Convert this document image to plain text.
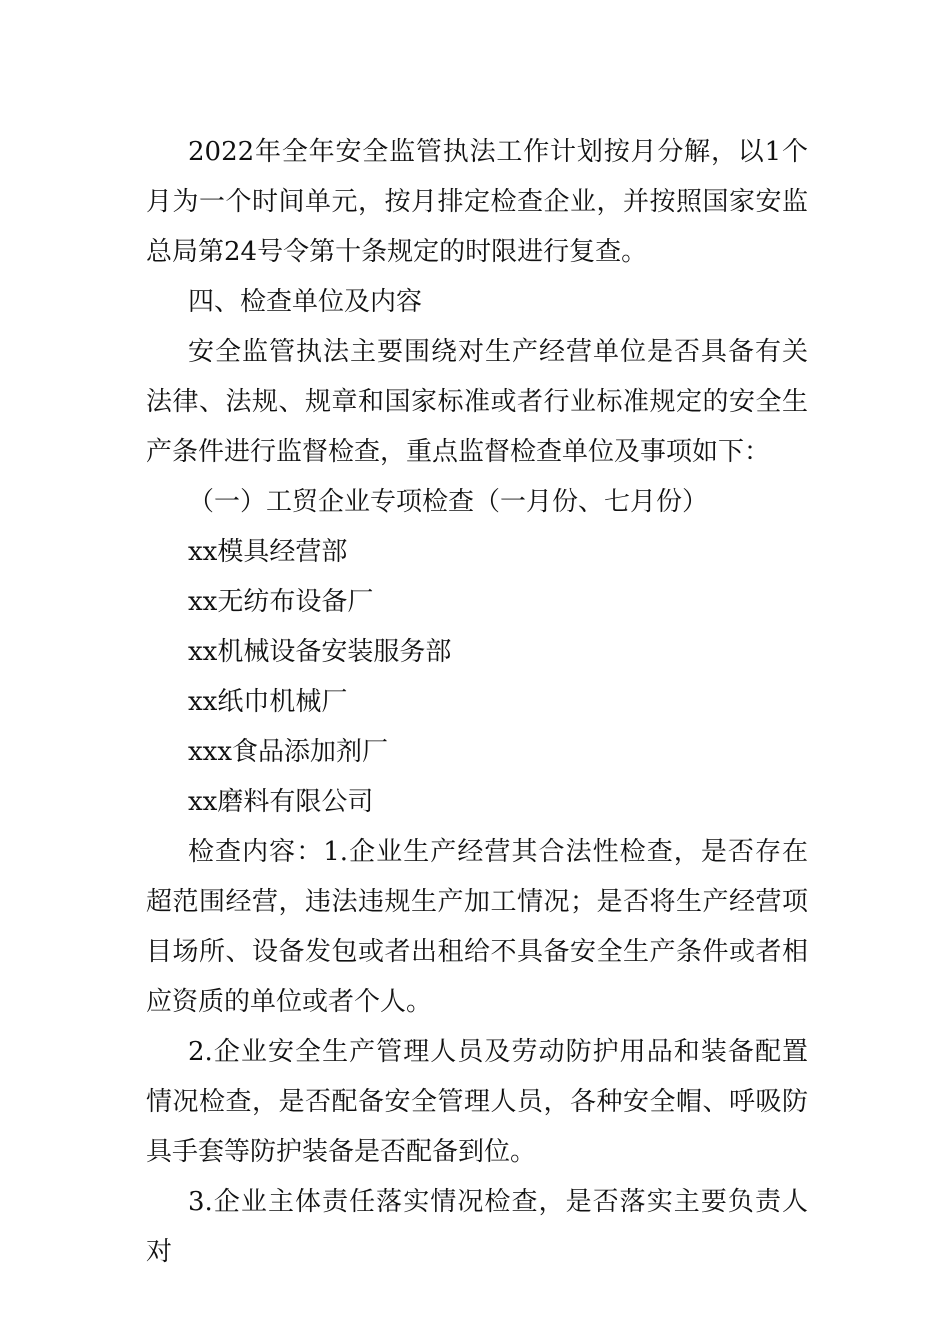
2022年全年安全监管执法工作计划按月分解，以1个月为一个时间单元，按月排定检查企业，并按照国家安监总局第24号令第十条规定的时限进行复查。

四、检查单位及内容

安全监管执法主要围绕对生产经营单位是否具备有关法律、法规、规章和国家标准或者行业标准规定的安全生产条件进行监督检查，重点监督检查单位及事项如下：

（一）工贸企业专项检查（一月份、七月份）

xx模具经营部

xx无纺布设备厂

xx机械设备安装服务部

xx纸巾机械厂

xxx食品添加剂厂

xx磨料有限公司

检查内容：1.企业生产经营其合法性检查，是否存在超范围经营，违法违规生产加工情况；是否将生产经营项目场所、设备发包或者出租给不具备安全生产条件或者相应资质的单位或者个人。

2.企业安全生产管理人员及劳动防护用品和装备配置情况检查，是否配备安全管理人员，各种安全帽、呼吸防具手套等防护装备是否配备到位。

3.企业主体责任落实情况检查，是否落实主要负责人对
